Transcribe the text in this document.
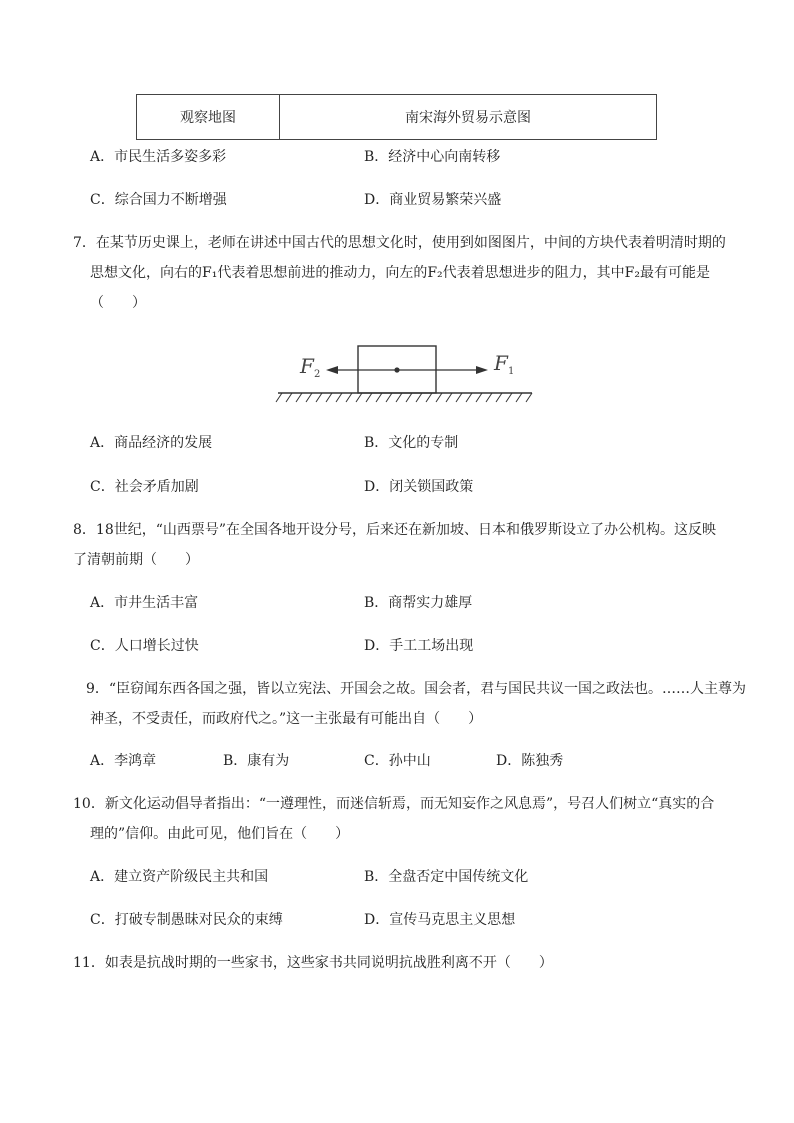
观察地图	南宋海外贸易示意图
A．市民生活多姿多彩	B．经济中心向南转移
C．综合国力不断增强	D．商业贸易繁荣兴盛
7．在某节历史课上，老师在讲述中国古代的思想文化时，使用到如图图片，中间的方块代表着明清时期的
思想文化，向右的F₁代表着思想前进的推动力，向左的F₂代表着思想进步的阻力，其中F₂最有可能是
（　　）
F 2	F 1
A．商品经济的发展	B．文化的专制
C．社会矛盾加剧	D．闭关锁国政策
8．18世纪，“山西票号”在全国各地开设分号，后来还在新加坡、日本和俄罗斯设立了办公机构。这反映
了清朝前期（　　）
A．市井生活丰富	B．商帮实力雄厚
C．人口增长过快	D．手工工场出现
9．“臣窃闻东西各国之强，皆以立宪法、开国会之故。国会者，君与国民共议一国之政法也。……人主尊为
神圣，不受责任，而政府代之。”这一主张最有可能出自（　　）
A．李鸿章	B．康有为	C．孙中山	D．陈独秀
10．新文化运动倡导者指出：“一遵理性，而迷信斩焉，而无知妄作之风息焉”，号召人们树立“真实的合
理的”信仰。由此可见，他们旨在（　　）
A．建立资产阶级民主共和国	B．全盘否定中国传统文化
C．打破专制愚昧对民众的束缚	D．宣传马克思主义思想
11．如表是抗战时期的一些家书，这些家书共同说明抗战胜利离不开（　　）
